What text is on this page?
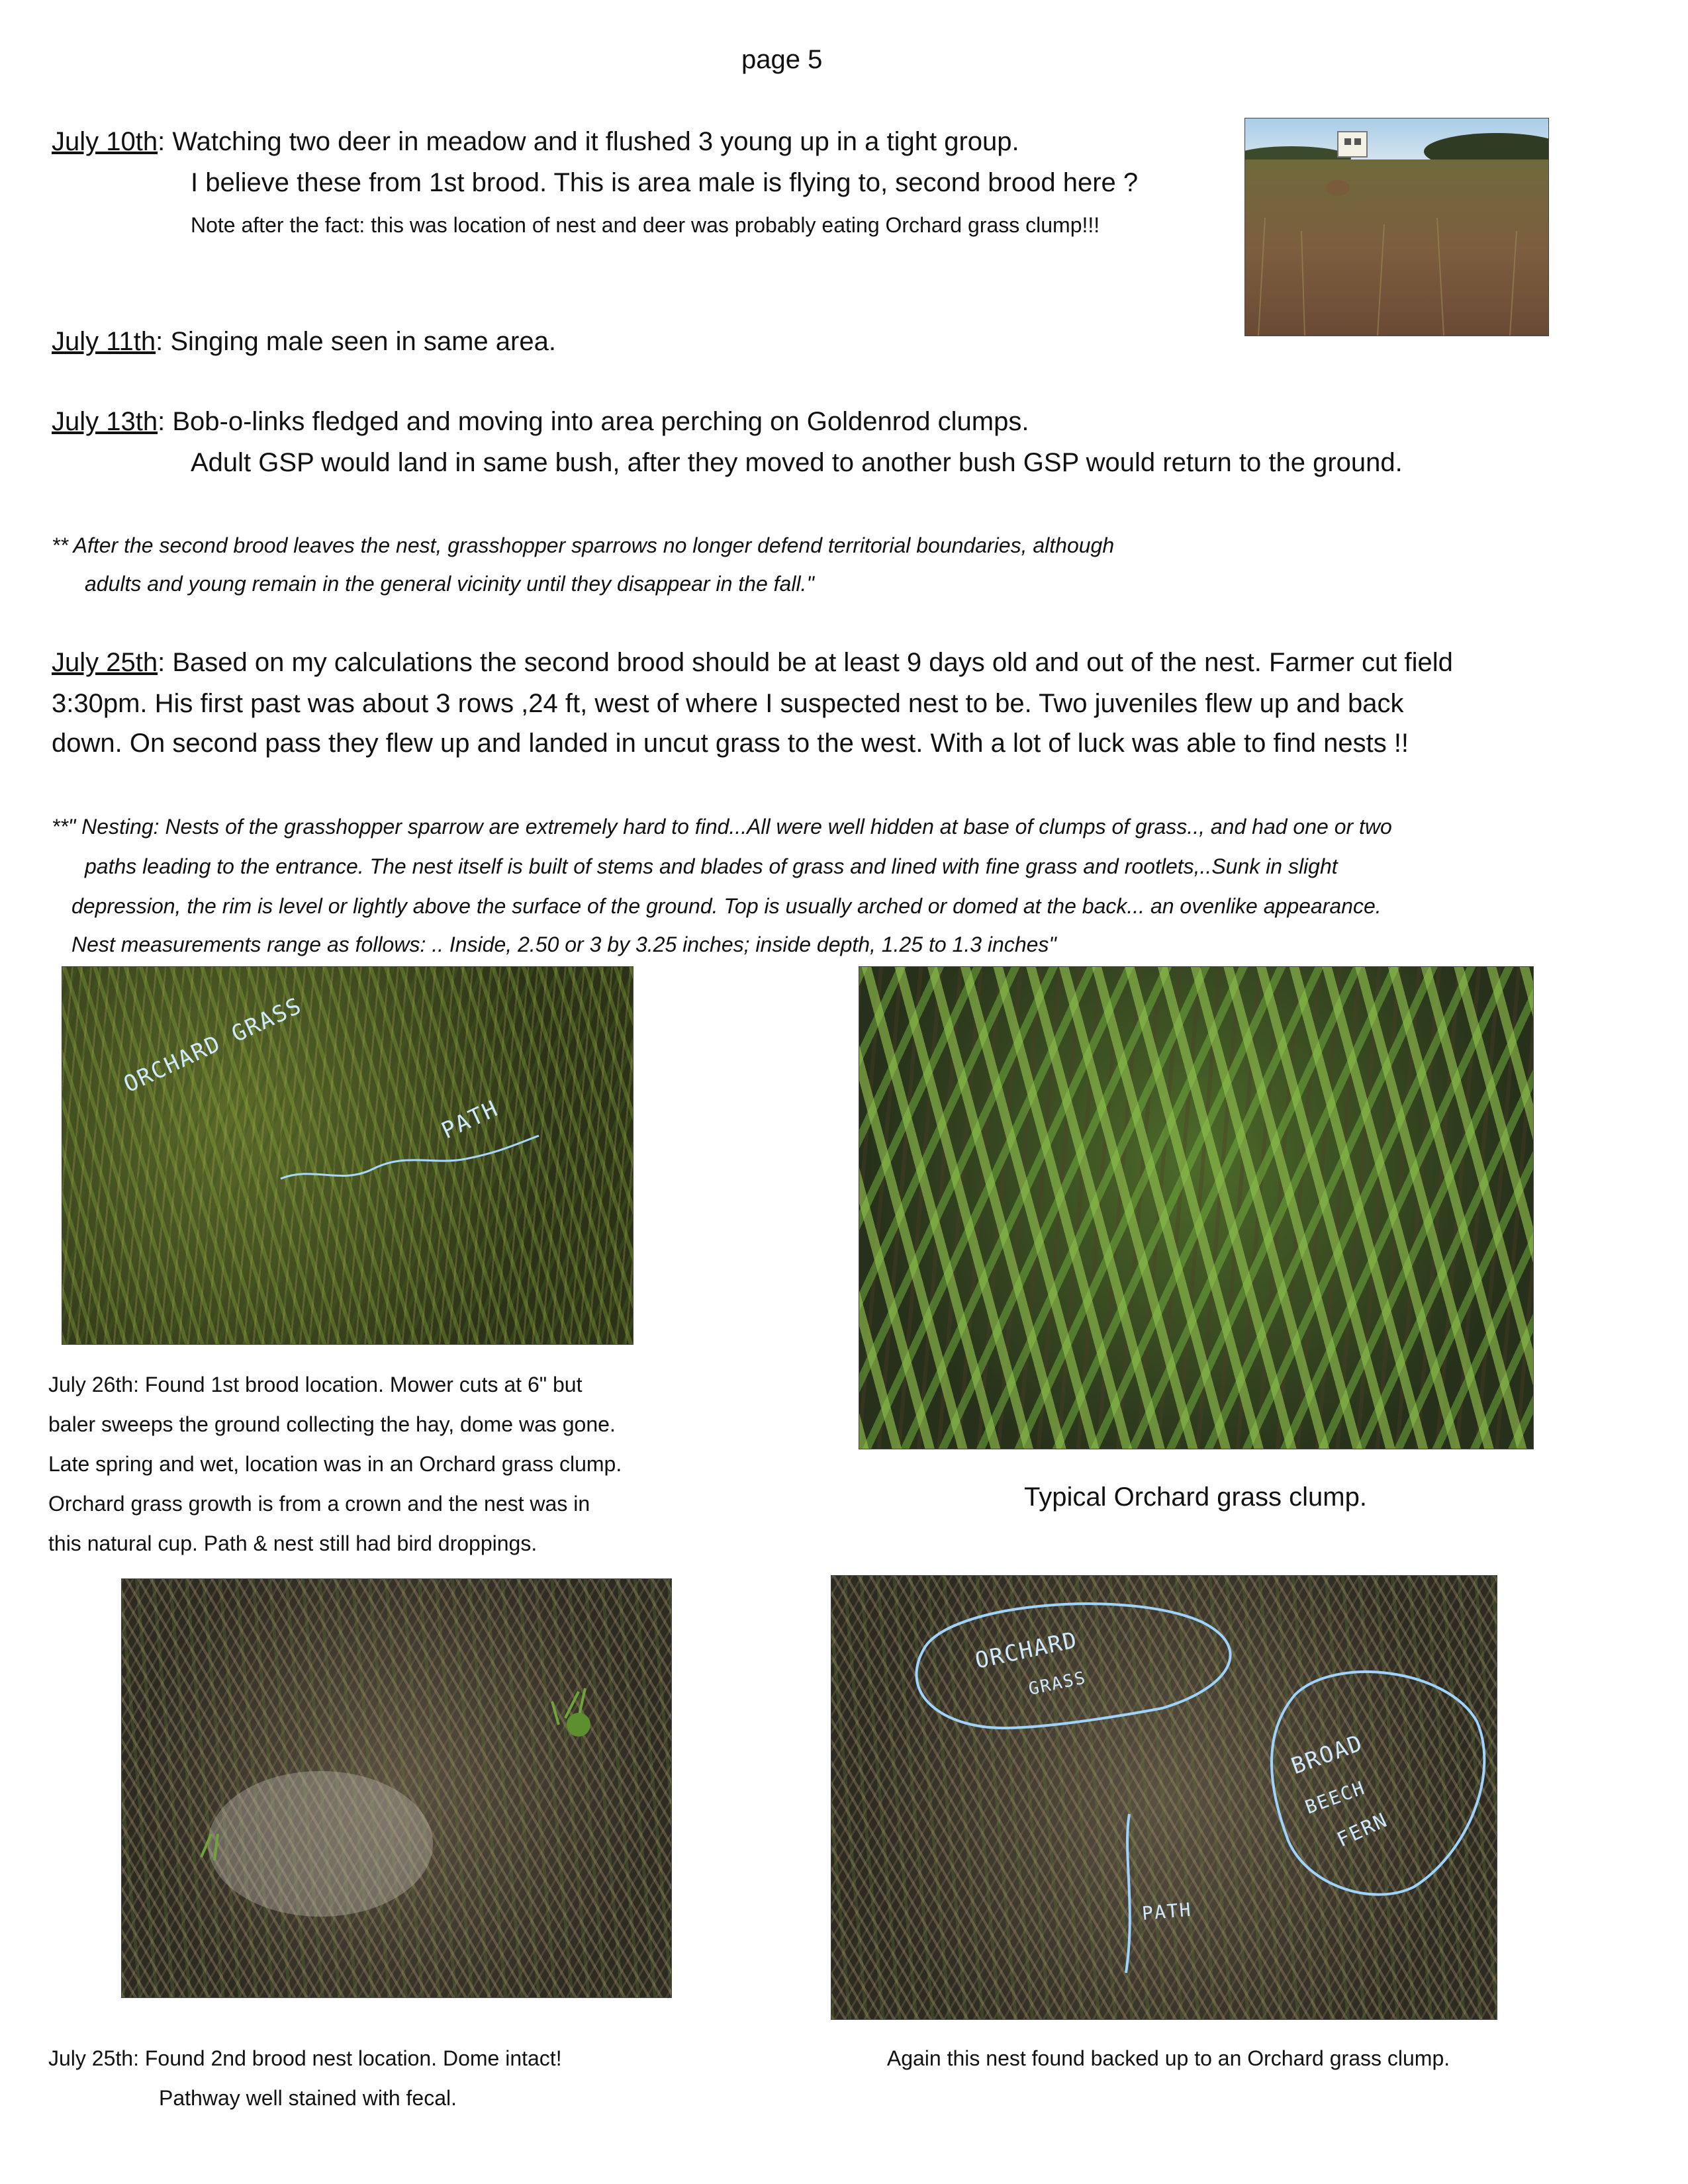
page 5
July 10th: Watching two deer in meadow and it flushed 3 young up in a tight group.
I believe these from 1st brood. This is area male is flying to, second brood here ?
Note after the fact: this was location of nest and deer was probably eating Orchard grass clump!!!
July 11th: Singing male seen in same area.
July 13th: Bob-o-links fledged and moving into area perching on Goldenrod clumps.
Adult GSP would land in same bush, after they moved to another bush GSP would return to the ground.
** After the second brood leaves the nest, grasshopper sparrows no longer defend territorial boundaries, although
adults and young remain in the general vicinity until they disappear in the fall."
July 25th: Based on my calculations the second brood should be at least 9 days old and out of the nest. Farmer cut field
3:30pm. His first past was about 3 rows ,24 ft, west of where I suspected nest to be. Two juveniles flew up and back
down. On second pass they flew up and landed in uncut grass to the west. With a lot of luck was able to find nests !!
**" Nesting: Nests of the grasshopper sparrow are extremely hard to find...All were well hidden at base of clumps of grass.., and had one or two
paths leading to the entrance. The nest itself is built of stems and blades of grass and lined with fine grass and rootlets,..Sunk in slight
depression, the rim is level or lightly above the surface of the ground. Top is usually arched or domed at the back... an ovenlike appearance.
Nest measurements range as follows: .. Inside, 2.50 or 3 by 3.25 inches; inside depth, 1.25 to 1.3 inches"
ORCHARD GRASS
PATH
July 26th: Found 1st brood location. Mower cuts at 6" but
baler sweeps the ground collecting the hay, dome was gone.
Late spring and wet, location was in an Orchard grass clump.
Orchard grass growth is from a crown and the nest was in
this natural cup. Path & nest still had bird droppings.
Typical Orchard grass clump.
ORCHARD
GRASS
BROAD
BEECH
FERN
PATH
July 25th: Found 2nd brood nest location. Dome intact!
Pathway well stained with fecal.
Again this nest found backed up to an Orchard grass clump.
